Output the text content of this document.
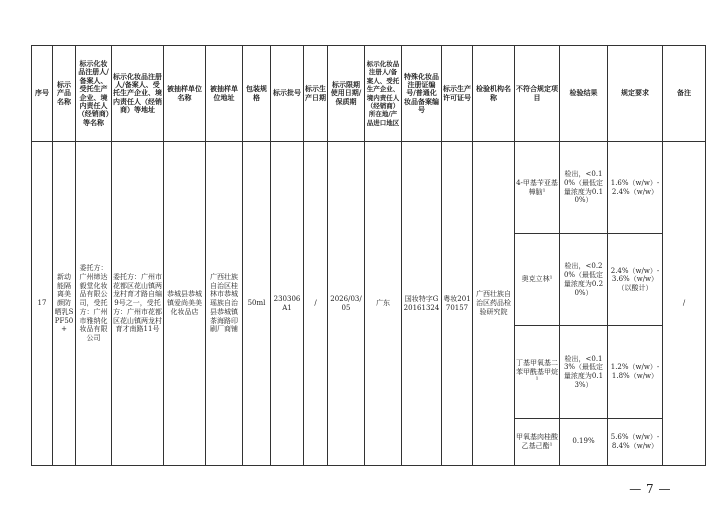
序号	标示产品名称	标示化妆品注册人/备案人、受托生产企业、境内责任人（经销商）等名称	标示化妆品注册人/备案人、受托生产企业、境内责任人（经销商）等地址	被抽样单位名称	被抽样单位地址	包装规格	标示批号	标示生产日期	标示限期使用日期/保质期	标示化妆品注册人/备案人、受托生产企业、境内责任人（经销商）所在地/产品进口地区	特殊化妆品注册证编号/普通化妆品备案编号	标示生产许可证号	检验机构名称	不符合规定项目	检验结果	规定要求	备注
17	新动能隔离美颜防晒乳SPF50+	委托方：广州缔达毅堂化妆品有限公司，受托方：广州市雅纳化妆品有限公司	委托方：广州市花都区花山镇两龙村育才路自编9号之一，受托方：广州市花都区花山镇两龙村育才南路11号	恭城县恭城镇爱尚美美化妆品店	广西壮族自治区桂林市恭城瑶族自治县恭城镇茶海路印刷厂商铺	50ml	230306A1	/	2026/03/05	广东	国妆特字G20161324	粤妆20170157	广西壮族自治区药品检验研究院	4-甲基苄亚基樟脑¹	检出，<0.10%（最低定量浓度为0.10%）	1.6%（w/w）-2.4%（w/w）	/
														奥克立林¹	检出，<0.20%（最低定量浓度为0.20%）	2.4%（w/w）-3.6%（w/w）（以酸计）	
														丁基甲氧基二苯甲酰基甲烷¹	检出，<0.13%（最低定量浓度为0.13%）	1.2%（w/w）-1.8%（w/w）	
														甲氧基肉桂酸乙基己酯¹	0.19%	5.6%（w/w）-8.4%（w/w）	
— 7 —
